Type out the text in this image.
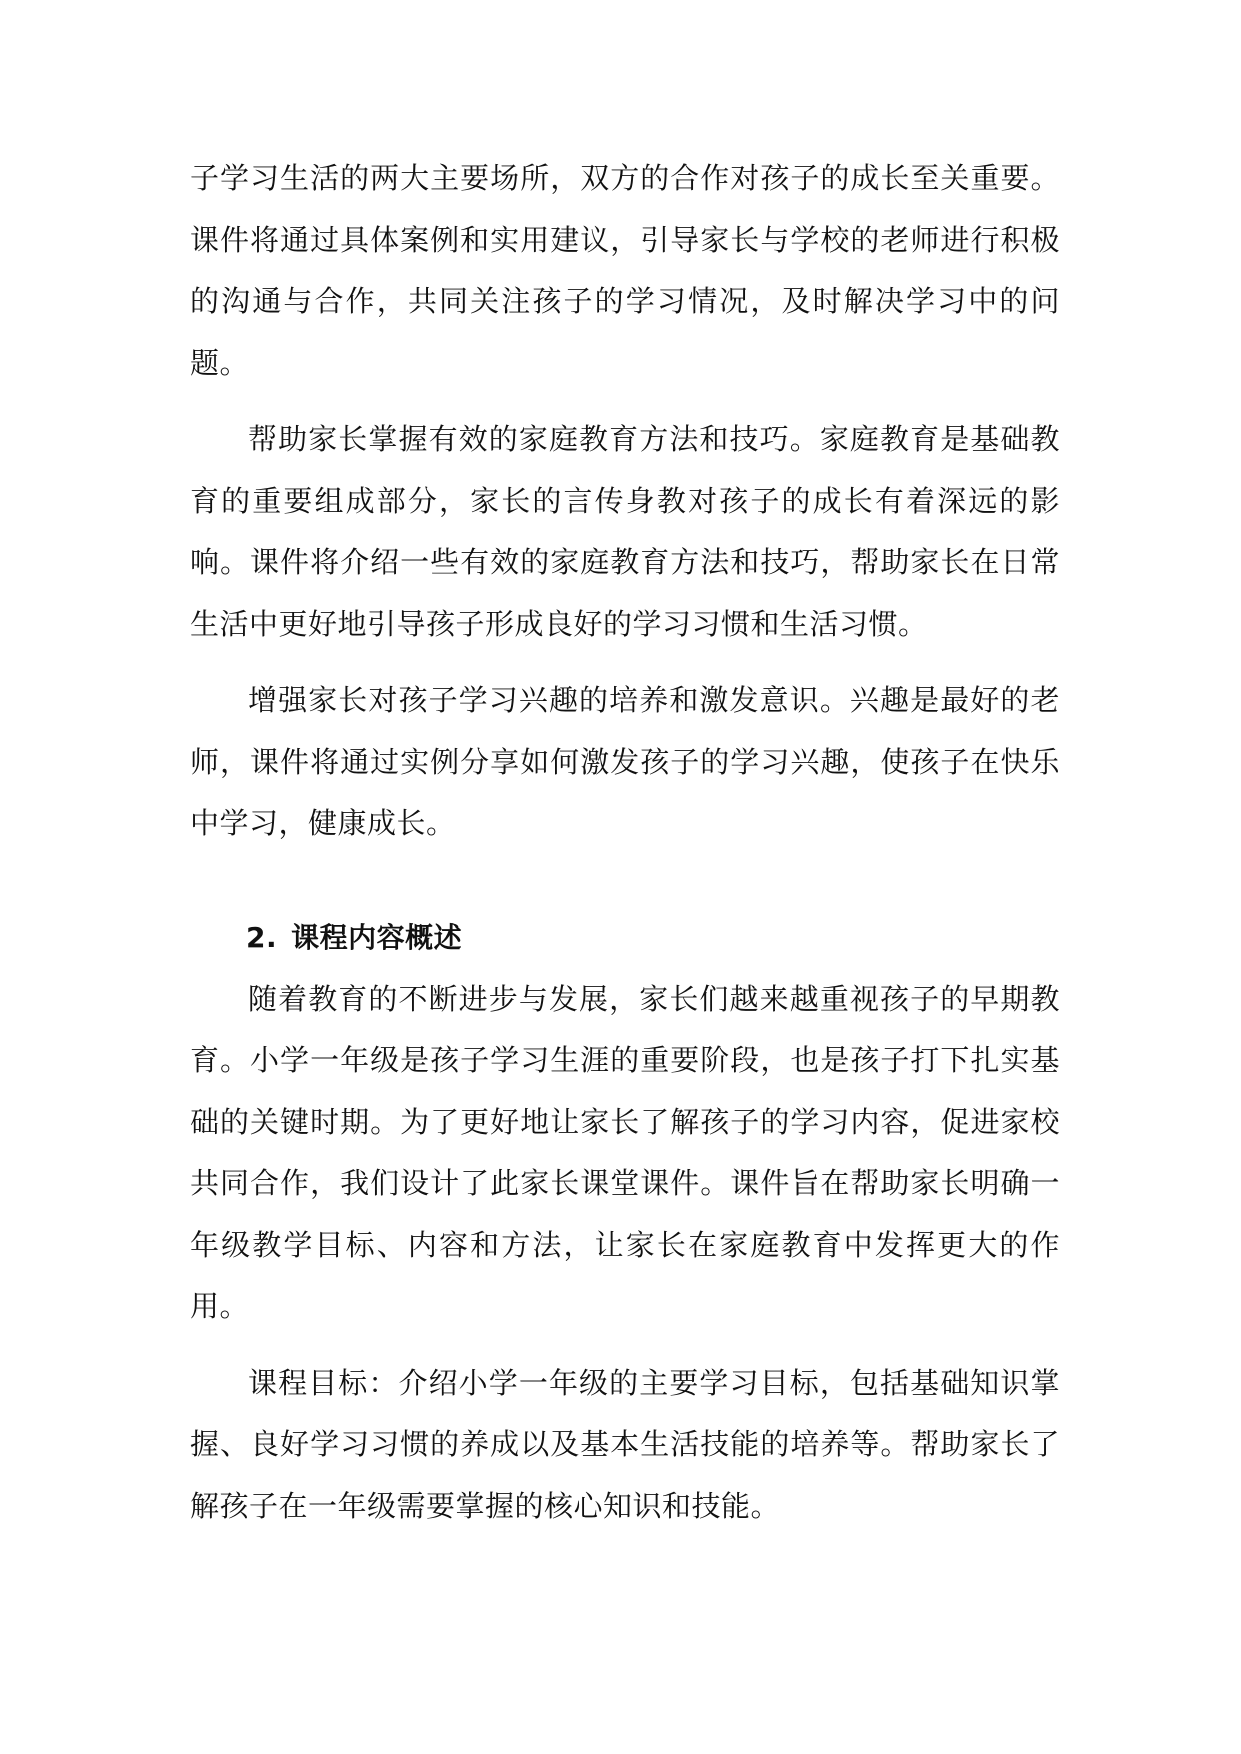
子学习生活的两大主要场所，双方的合作对孩子的成长至关重要。课件将通过具体案例和实用建议，引导家长与学校的老师进行积极的沟通与合作，共同关注孩子的学习情况，及时解决学习中的问题。

帮助家长掌握有效的家庭教育方法和技巧。家庭教育是基础教育的重要组成部分，家长的言传身教对孩子的成长有着深远的影响。课件将介绍一些有效的家庭教育方法和技巧，帮助家长在日常生活中更好地引导孩子形成良好的学习习惯和生活习惯。

增强家长对孩子学习兴趣的培养和激发意识。兴趣是最好的老师，课件将通过实例分享如何激发孩子的学习兴趣，使孩子在快乐中学习，健康成长。

2. 课程内容概述

随着教育的不断进步与发展，家长们越来越重视孩子的早期教育。小学一年级是孩子学习生涯的重要阶段，也是孩子打下扎实基础的关键时期。为了更好地让家长了解孩子的学习内容，促进家校共同合作，我们设计了此家长课堂课件。课件旨在帮助家长明确一年级教学目标、内容和方法，让家长在家庭教育中发挥更大的作用。

课程目标：介绍小学一年级的主要学习目标，包括基础知识掌握、良好学习习惯的养成以及基本生活技能的培养等。帮助家长了解孩子在一年级需要掌握的核心知识和技能。
